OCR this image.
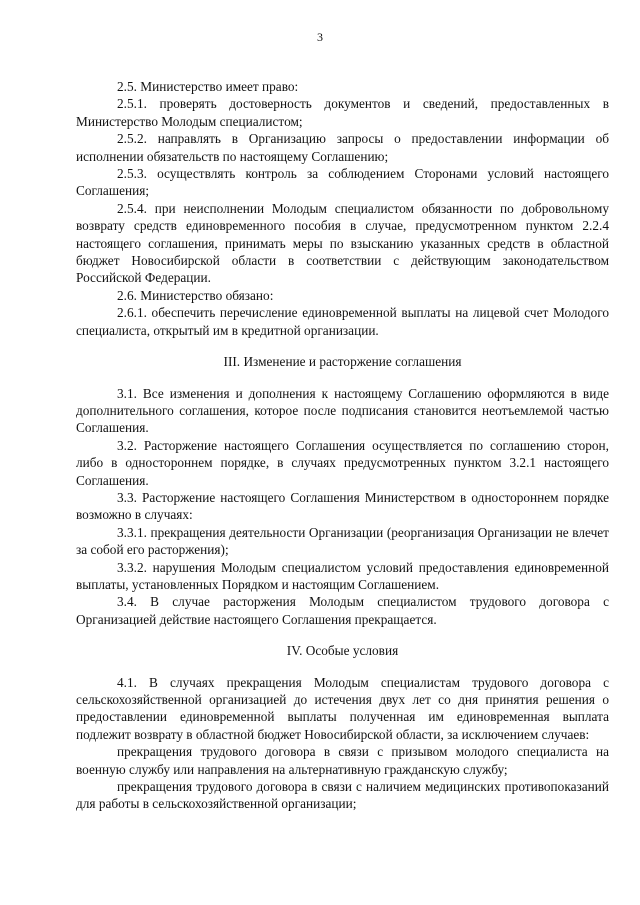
3

2.5. Министерство имеет право:

2.5.1. проверять достоверность документов и сведений, предоставленных в Министерство Молодым специалистом;

2.5.2. направлять в Организацию запросы о предоставлении информации об исполнении обязательств по настоящему Соглашению;

2.5.3. осуществлять контроль за соблюдением Сторонами условий настоящего Соглашения;

2.5.4. при неисполнении Молодым специалистом обязанности по добровольному возврату средств единовременного пособия в случае, предусмотренном пунктом 2.2.4 настоящего соглашения, принимать меры по взысканию указанных средств в областной бюджет Новосибирской области в соответствии с действующим законодательством Российской Федерации.

2.6. Министерство обязано:

2.6.1. обеспечить перечисление единовременной выплаты на лицевой счет Молодого специалиста, открытый им в кредитной организации.

III. Изменение и расторжение соглашения

3.1. Все изменения и дополнения к настоящему Соглашению оформляются в виде дополнительного соглашения, которое после подписания становится неотъемлемой частью Соглашения.

3.2. Расторжение настоящего Соглашения осуществляется по соглашению сторон, либо в одностороннем порядке, в случаях предусмотренных пунктом 3.2.1 настоящего Соглашения.

3.3. Расторжение настоящего Соглашения Министерством в одностороннем порядке возможно в случаях:

3.3.1. прекращения деятельности Организации (реорганизация Организации не влечет за собой его расторжения);

3.3.2. нарушения Молодым специалистом условий предоставления единовременной выплаты, установленных Порядком и настоящим Соглашением.

3.4. В случае расторжения Молодым специалистом трудового договора с Организацией действие настоящего Соглашения прекращается.

IV. Особые условия

4.1. В случаях прекращения Молодым специалистам трудового договора с сельскохозяйственной организацией до истечения двух лет со дня принятия решения о предоставлении единовременной выплаты полученная им единовременная выплата подлежит возврату в областной бюджет Новосибирской области, за исключением случаев:

прекращения трудового договора в связи с призывом молодого специалиста на военную службу или направления на альтернативную гражданскую службу;

прекращения трудового договора в связи с наличием медицинских противопоказаний для работы в сельскохозяйственной организации;
